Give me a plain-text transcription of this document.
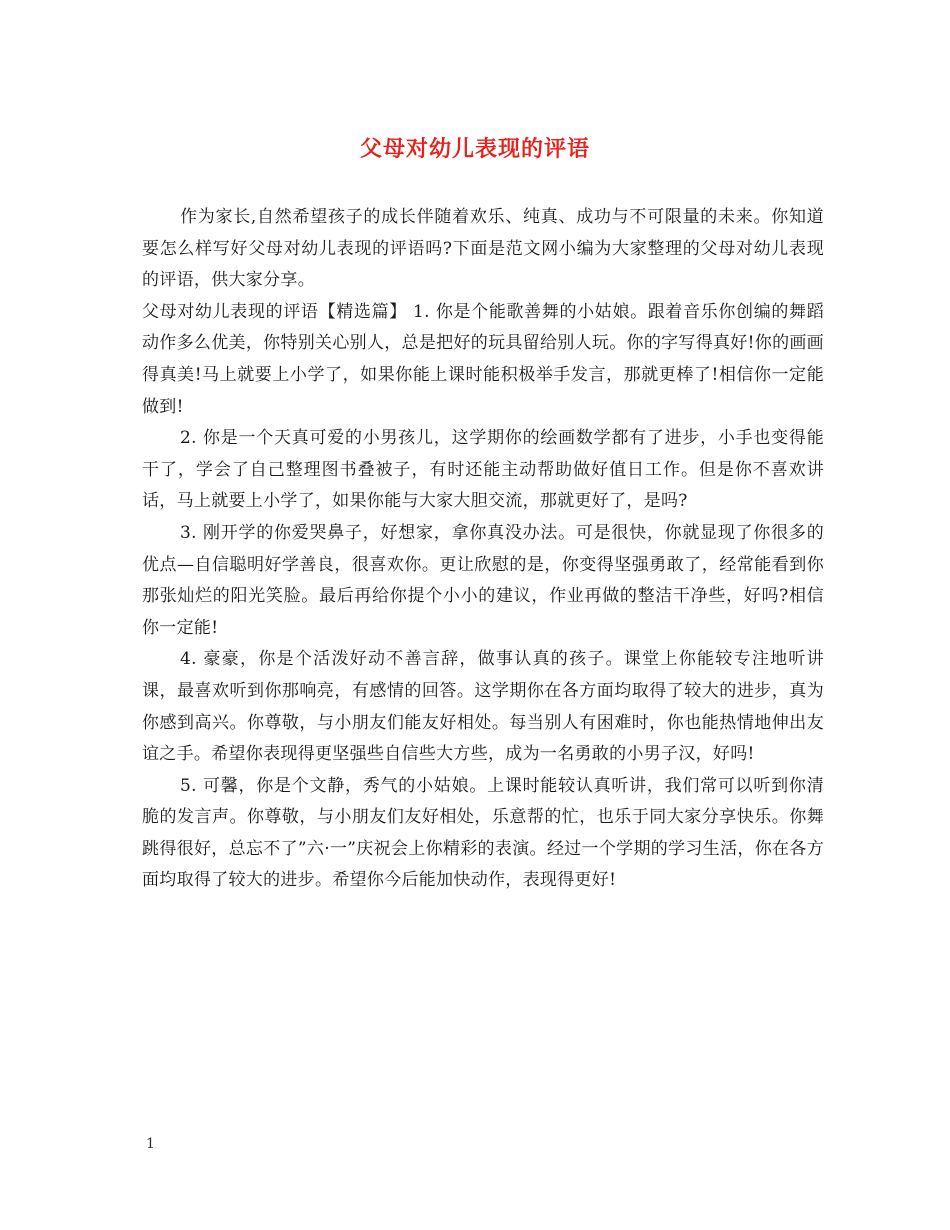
父母对幼儿表现的评语

作为家长,自然希望孩子的成长伴随着欢乐、纯真、成功与不可限量的未来。你知道要怎么样写好父母对幼儿表现的评语吗?下面是范文网小编为大家整理的父母对幼儿表现的评语，供大家分享。

父母对幼儿表现的评语【精选篇】 1. 你是个能歌善舞的小姑娘。跟着音乐你创编的舞蹈动作多么优美，你特别关心别人，总是把好的玩具留给别人玩。你的字写得真好!你的画画得真美!马上就要上小学了，如果你能上课时能积极举手发言，那就更棒了!相信你一定能做到!

2. 你是一个天真可爱的小男孩儿，这学期你的绘画数学都有了进步，小手也变得能干了，学会了自己整理图书叠被子，有时还能主动帮助做好值日工作。但是你不喜欢讲话，马上就要上小学了，如果你能与大家大胆交流，那就更好了，是吗?

3. 刚开学的你爱哭鼻子，好想家，拿你真没办法。可是很快，你就显现了你很多的优点—自信聪明好学善良，很喜欢你。更让欣慰的是，你变得坚强勇敢了，经常能看到你那张灿烂的阳光笑脸。最后再给你提个小小的建议，作业再做的整洁干净些，好吗?相信你一定能!

4. 豪豪，你是个活泼好动不善言辞，做事认真的孩子。课堂上你能较专注地听讲课，最喜欢听到你那响亮，有感情的回答。这学期你在各方面均取得了较大的进步，真为你感到高兴。你尊敬，与小朋友们能友好相处。每当别人有困难时，你也能热情地伸出友谊之手。希望你表现得更坚强些自信些大方些，成为一名勇敢的小男子汉，好吗!

5. 可馨，你是个文静，秀气的小姑娘。上课时能较认真听讲，我们常可以听到你清脆的发言声。你尊敬，与小朋友们友好相处，乐意帮的忙，也乐于同大家分享快乐。你舞跳得很好，总忘不了”六·一”庆祝会上你精彩的表演。经过一个学期的学习生活，你在各方面均取得了较大的进步。希望你今后能加快动作，表现得更好!

1
